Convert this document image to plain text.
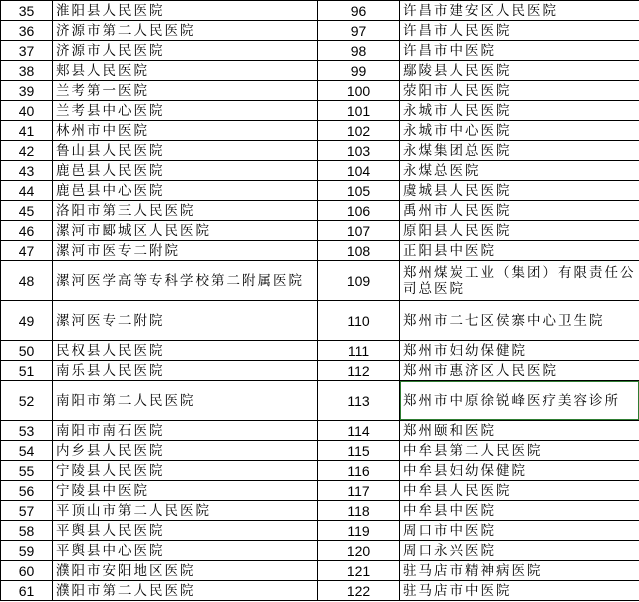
35	淮阳县人民医院	96	许昌市建安区人民医院
36	济源市第二人民医院	97	许昌市人民医院
37	济源市人民医院	98	许昌市中医院
38	郏县人民医院	99	鄢陵县人民医院
39	兰考第一医院	100	荥阳市人民医院
40	兰考县中心医院	101	永城市人民医院
41	林州市中医院	102	永城市中心医院
42	鲁山县人民医院	103	永煤集团总医院
43	鹿邑县人民医院	104	永煤总医院
44	鹿邑县中心医院	105	虞城县人民医院
45	洛阳市第三人民医院	106	禹州市人民医院
46	漯河市郾城区人民医院	107	原阳县人民医院
47	漯河市医专二附院	108	正阳县中医院
48	漯河医学高等专科学校第二附属医院	109	郑州煤炭工业（集团）有限责任公司总医院
49	漯河医专二附院	110	郑州市二七区侯寨中心卫生院
50	民权县人民医院	111	郑州市妇幼保健院
51	南乐县人民医院	112	郑州市惠济区人民医院
52	南阳市第二人民医院	113	郑州市中原徐锐峰医疗美容诊所
53	南阳市南石医院	114	郑州颐和医院
54	内乡县人民医院	115	中牟县第二人民医院
55	宁陵县人民医院	116	中牟县妇幼保健院
56	宁陵县中医院	117	中牟县人民医院
57	平顶山市第二人民医院	118	中牟县中医院
58	平舆县人民医院	119	周口市中医院
59	平舆县中心医院	120	周口永兴医院
60	濮阳市安阳地区医院	121	驻马店市精神病医院
61	濮阳市第二人民医院	122	驻马店市中医院
